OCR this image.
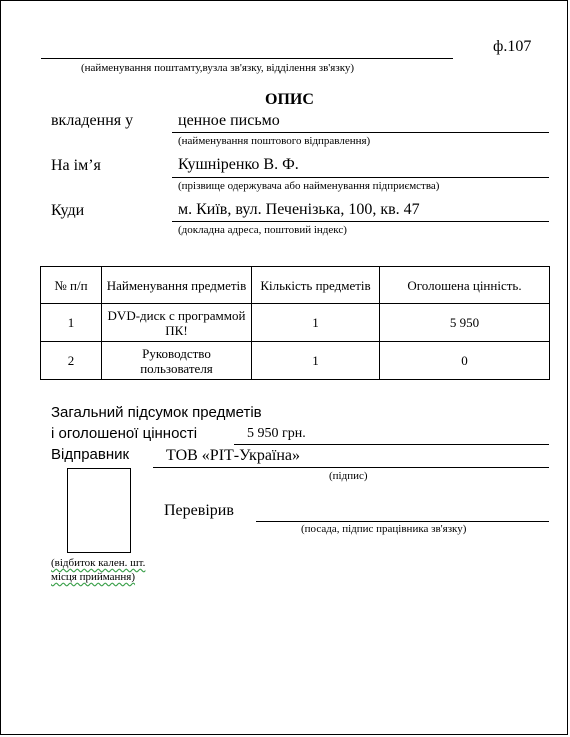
ф.107
(найменування поштамту,вузла зв'язку, відділення зв'язку)
ОПИС
вкладення у	ценное письмо
(найменування поштового відправлення)
На ім’я	Кушніренко В. Ф.
(прізвище одержувача або найменування підприємства)
Куди	м. Київ, вул. Печенізька, 100, кв. 47
(докладна адреса, поштовий індекс)
№ п/п	Найменування предметів	Кількість предметів	Оголошена цінність.
1	DVD-диск с программой ПК!	1	5 950
2	Руководство пользователя	1	0
Загальний підсумок предметів
і оголошеної цінності	5 950 грн.
Відправник ТОВ «РІТ-Україна»
(підпис)
Перевірив
(посада, підпис працівника зв'язку)
(відбиток кален. шт.
місця приймання)
